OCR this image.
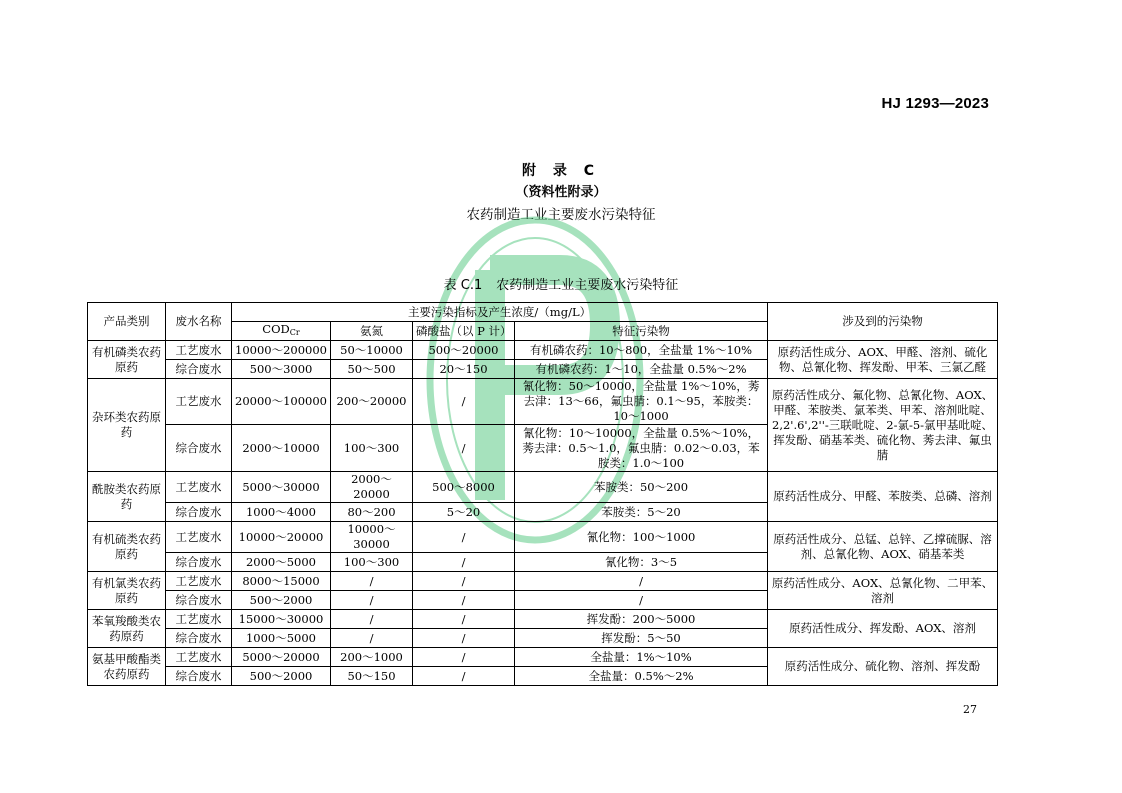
HJ 1293—2023
附 录 C
（资料性附录）
农药制造工业主要废水污染特征
表 C.1 农药制造工业主要废水污染特征
产品类别	废水名称	主要污染指标及产生浓度/（mg/L）				涉及到的污染物
		$COD_{Cr}$	氨氮	磷酸盐（以 P 计）	特征污染物	
有机磷类农药原药	工艺废水	10000～200000	50～10000	500～20000	有机磷农药：10～800，全盐量 1%～10%	原药活性成分、AOX、甲醛、溶剂、硫化物、总氰化物、挥发酚、甲苯、三氯乙醛
	综合废水	500～3000	50～500	20～150	有机磷农药：1～10，全盐量 0.5%～2%	
杂环类农药原药	工艺废水	20000～100000	200～20000	/	氰化物：50～10000，全盐量 1%～10%，莠去津：13～66，氟虫腈：0.1～95，苯胺类：10～1000	原药活性成分、氟化物、总氰化物、AOX、甲醛、苯胺类、氯苯类、甲苯、溶剂吡啶、2,2'.6',2''-三联吡啶、2-氯-5-氯甲基吡啶、挥发酚、硝基苯类、硫化物、莠去津、氟虫腈
	综合废水	2000～10000	100～300	/	氰化物：10～10000，全盐量 0.5%～10%，莠去津：0.5～1.0，氟虫腈：0.02～0.03，苯胺类：1.0～100	
酰胺类农药原药	工艺废水	5000～30000	2000～20000	500～8000	苯胺类：50～200	原药活性成分、甲醛、苯胺类、总磷、溶剂
	综合废水	1000～4000	80～200	5～20	苯胺类：5～20	
有机硫类农药原药	工艺废水	10000～20000	10000～30000	/	氰化物：100～1000	原药活性成分、总锰、总锌、乙撑硫脲、溶剂、总氰化物、AOX、硝基苯类
	综合废水	2000～5000	100～300	/	氰化物：3～5	
有机氯类农药原药	工艺废水	8000～15000	/	/	/	原药活性成分、AOX、总氰化物、二甲苯、溶剂
	综合废水	500～2000	/	/	/	
苯氧羧酸类农药原药	工艺废水	15000～30000	/	/	挥发酚：200～5000	原药活性成分、挥发酚、AOX、溶剂
	综合废水	1000～5000	/	/	挥发酚：5～50	
氨基甲酸酯类农药原药	工艺废水	5000～20000	200～1000	/	全盐量：1%～10%	原药活性成分、硫化物、溶剂、挥发酚
	综合废水	500～2000	50～150	/	全盐量：0.5%～2%	
27
